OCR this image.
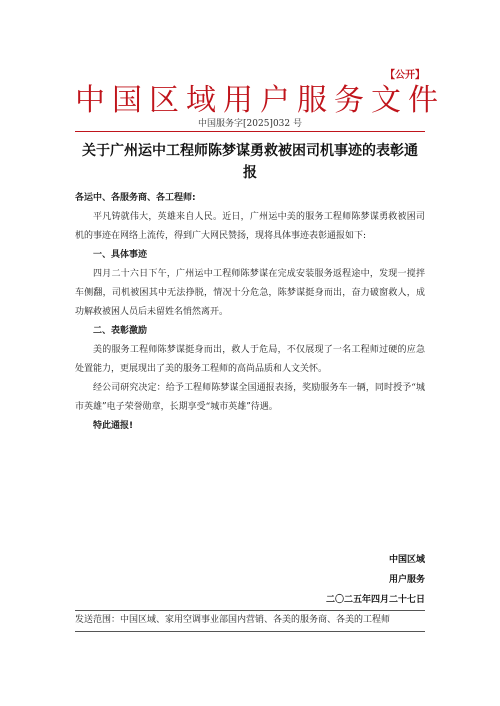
【公开】
中国区域用户服务文件
中国服务字[2025]032 号
关于广州运中工程师陈梦谋勇救被困司机事迹的表彰通报
各运中、各服务商、各工程师:

平凡铸就伟大，英雄来自人民。近日，广州运中美的服务工程师陈梦谋勇救被困司机的事迹在网络上流传，得到广大网民赞扬，现将具体事迹表彰通报如下:

一、具体事迹

四月二十六日下午，广州运中工程师陈梦谋在完成安装服务返程途中，发现一搅拌车侧翻，司机被困其中无法挣脱，情况十分危急，陈梦谋挺身而出，奋力破窗救人，成功解救被困人员后未留姓名悄然离开。

二、表彰激励

美的服务工程师陈梦谋挺身而出，救人于危局，不仅展现了一名工程师过硬的应急处置能力，更展现出了美的服务工程师的高尚品质和人文关怀。

经公司研究决定：给予工程师陈梦谋全国通报表扬，奖励服务车一辆，同时授予“城市英雄”电子荣誉勋章，长期享受“城市英雄”待遇。

特此通报!
中国区域
用户服务
二〇二五年四月二十七日
发送范围：中国区域、家用空调事业部国内营销、各美的服务商、各美的工程师
